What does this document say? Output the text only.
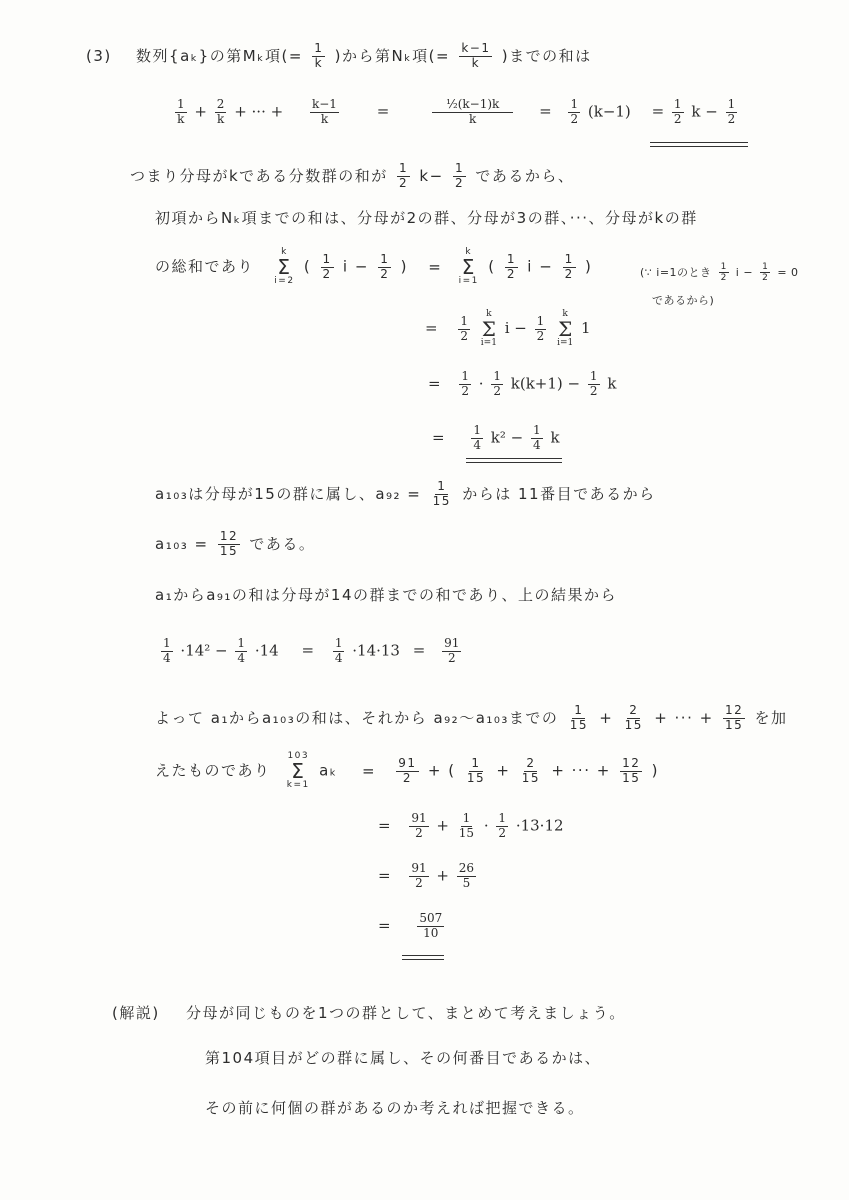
(3) 数列{aₖ}の第Mₖ項(= $\frac{1}{k}$ )から第Nₖ項(= $\frac{k-1}{k}$ )までの和は
$\frac{1}{k} + \frac{2}{k}$ + ··· + $\frac{k-1}{k}$	=	$\frac{\text{½(k−1)k}}{k} = \frac{1}{2} (k-1) = \frac{1}{2}$ $k - \frac{1}{2}$
つまり分母がkである分数群の和が $\frac{1}{2} k- \frac{1}{2}$ であるから、
初項からNₖ項までの和は、分母が2の群、分母が3の群、···、分母がkの群
の総和であり
k
Σ
i=2
( $\frac{1}{2}$ $i - \frac{1}{2}$ ) =
k
Σ
i=1
( $\frac{1}{2}$ $i - \frac{1}{2}$ )	(∵ i=1のとき $\frac{1}{2}$ $i - \frac{1}{2} = 0$
であるから)
= $\frac{1}{2}$

k
Σ
i=1
$i - \frac{1}{2}$

k
Σ
i=1
1
= $\frac{1}{2} \cdot \frac{1}{2} k(k+1) - \frac{1}{2}$ k
= $\frac{1}{4} k^2 - \frac{1}{4}$ k
a₁₀₃は分母が15の群に属し、$a_{92} = \frac{1}{15}$ からは 11番目であるから
$a_{103} = \frac{12}{15}$ である。
a₁からa₉₁の和は分母が14の群までの和であり、上の結果から
$\frac{1}{4} \cdot 14^2 - \frac{1}{4} \cdot 14 = \frac{1}{4} \cdot 14\cdot 13 = \frac{91}{2}$
よって a₁からa₁₀₃の和は、それから a₉₂〜a₁₀₃までの $\frac{1}{15} + \frac{2}{15}$ + ··· + $\frac{12}{15}$ を加
えたものであり
103
Σ
k=1
$a_k = \frac{91}{2}$ + ( $\frac{1}{15} + \frac{2}{15}$ + ··· + $\frac{12}{15}$ )
= $\frac{91}{2} + \frac{1}{15} \cdot \frac{1}{2} \cdot 13\cdot 12$
= $\frac{91}{2} + \frac{26}{5}$
= $\frac{507}{10}$
(解説) 分母が同じものを1つの群として、まとめて考えましょう。
第104項目がどの群に属し、その何番目であるかは、
その前に何個の群があるのか考えれば把握できる。
